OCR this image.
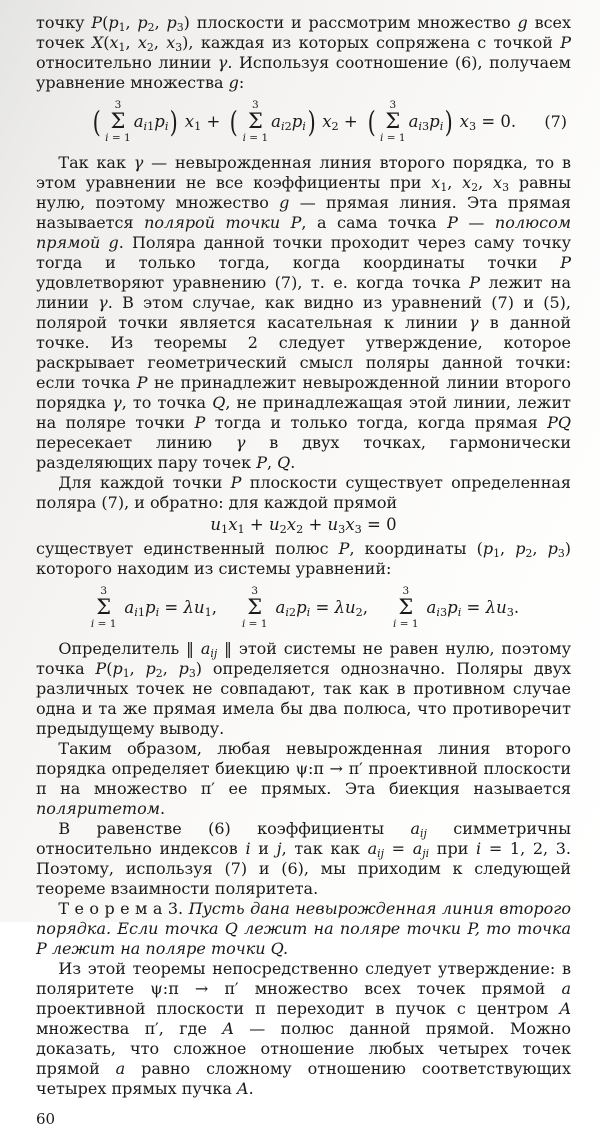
точку P(p1, p2, p3) плоскости и рассмотрим множество g всех точек X(x1, x2, x3), каждая из которых сопряжена с точкой P относительно линии γ. Используя соотношение (6), получаем уравнение множества g:

( 3
Σ
i = 1
ai1pi ) x1 + ( 3
Σ
i = 1
ai2pi ) x2 + ( 3
Σ
i = 1
ai3pi ) x3 = 0. (7)

Так как γ — невырожденная линия второго порядка, то в этом уравнении не все коэффициенты при x1, x2, x3 равны нулю, поэтому множество g — прямая линия. Эта прямая называется полярой точки P, а сама точка P — полюсом прямой g. Поляра данной точки проходит через саму точку тогда и только тогда, когда координаты точки P удовлетворяют уравнению (7), т. е. когда точка P лежит на линии γ. В этом случае, как видно из уравнений (7) и (5), полярой точки является касательная к линии γ в данной точке. Из теоремы 2 следует утверждение, которое раскрывает геометрический смысл поляры данной точки: если точка P не принадлежит невырожденной линии второго порядка γ, то точка Q, не принадлежащая этой линии, лежит на поляре точки P тогда и только тогда, когда прямая PQ пересекает линию γ в двух точках, гармонически разделяющих пару точек P, Q.

Для каждой точки P плоскости существует определенная поляра (7), и обратно: для каждой прямой

u1x1 + u2x2 + u3x3 = 0

существует единственный полюс P, координаты (p1, p2, p3) которого находим из системы уравнений:

3
Σ
i = 1
ai1pi = λu1,
3
Σ
i = 1
ai2pi = λu2,
3
Σ
i = 1
ai3pi = λu3.

Определитель ‖ aij ‖ этой системы не равен нулю, поэтому точка P(p1, p2, p3) определяется однозначно. Поляры двух различных точек не совпадают, так как в противном случае одна и та же прямая имела бы два полюса, что противоречит предыдущему выводу.

Таким образом, любая невырожденная линия второго порядка определяет биекцию ψ:π → π′ проективной плоскости π на множество π′ ее прямых. Эта биекция называется поляритетом.

В равенстве (6) коэффициенты aij симметричны относительно индексов i и j, так как aij = aji при i = 1, 2, 3. Поэтому, используя (7) и (6), мы приходим к следующей теореме взаимности поляритета.

Т е о р е м а 3. Пусть дана невырожденная линия второго порядка. Если точка Q лежит на поляре точки P, то точка P лежит на поляре точки Q.

Из этой теоремы непосредственно следует утверждение: в поляритете ψ:π → π′ множество всех точек прямой a проективной плоскости π переходит в пучок с центром A множества π′, где A — полюс данной прямой. Можно доказать, что сложное отношение любых четырех точек прямой a равно сложному отношению соответствующих четырех прямых пучка A.

60
